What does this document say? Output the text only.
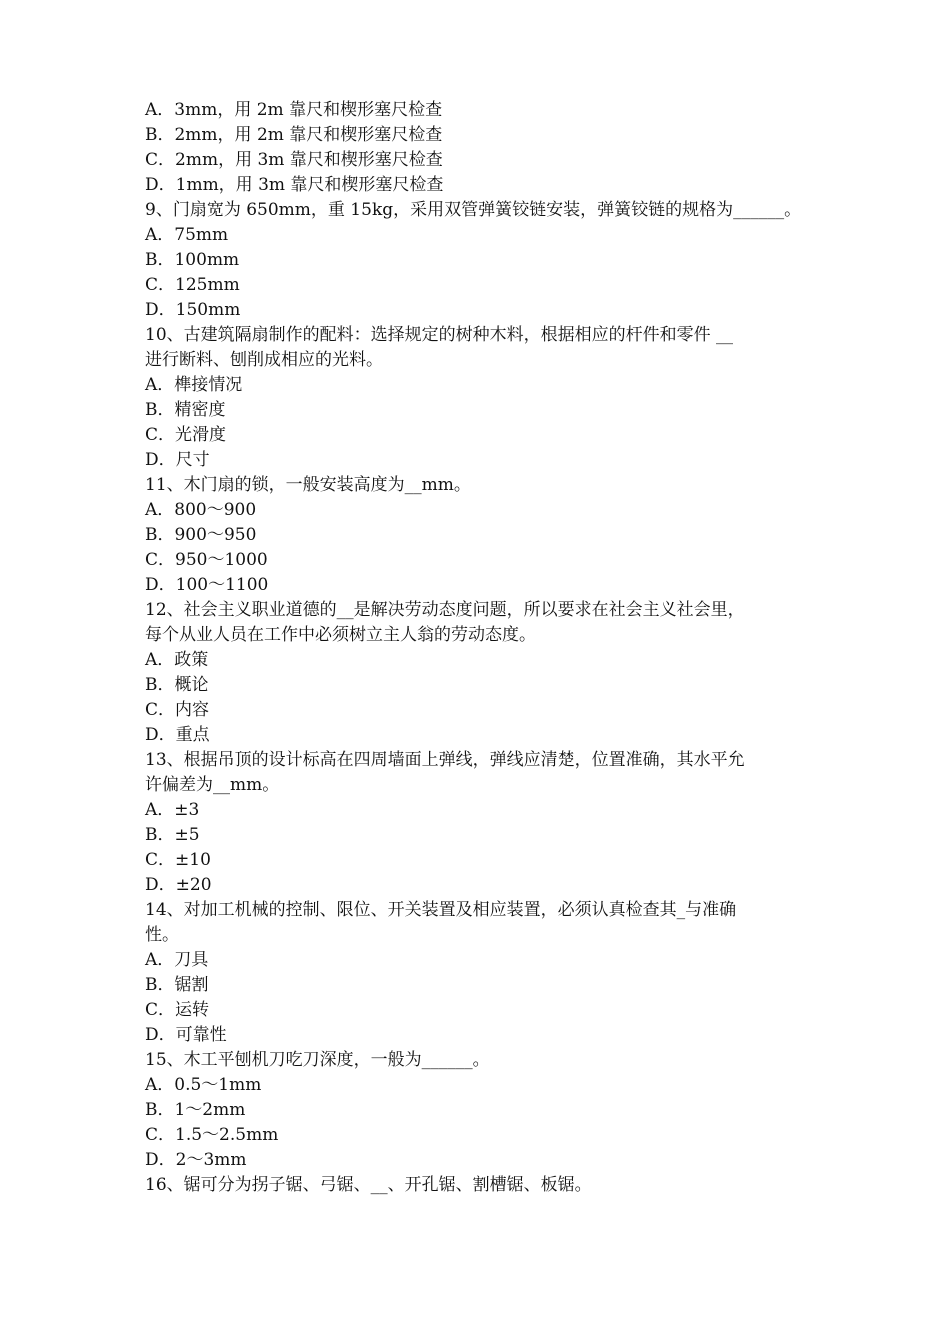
A．3mm，用 2m 靠尺和楔形塞尺检查
B．2mm，用 2m 靠尺和楔形塞尺检查
C．2mm，用 3m 靠尺和楔形塞尺检查
D．1mm，用 3m 靠尺和楔形塞尺检查
9、门扇宽为 650mm，重 15kg，采用双管弹簧铰链安装，弹簧铰链的规格为______。
A．75mm
B．100mm
C．125mm
D．150mm
10、古建筑隔扇制作的配料：选择规定的树种木料，根据相应的杆件和零件 __
进行断料、刨削成相应的光料。
A．榫接情况
B．精密度
C．光滑度
D．尺寸
11、木门扇的锁，一般安装高度为__mm。
A．800～900
B．900～950
C．950～1000
D．100～1100
12、社会主义职业道德的__是解决劳动态度问题，所以要求在社会主义社会里，
每个从业人员在工作中必须树立主人翁的劳动态度。
A．政策
B．概论
C．内容
D．重点
13、根据吊顶的设计标高在四周墙面上弹线，弹线应清楚，位置准确，其水平允
许偏差为__mm。
A．±3
B．±5
C．±10
D．±20
14、对加工机械的控制、限位、开关装置及相应装置，必须认真检查其_与准确
性。
A．刀具
B．锯割
C．运转
D．可靠性
15、木工平刨机刀吃刀深度，一般为______。
A．0.5～1mm
B．1～2mm
C．1.5～2.5mm
D．2～3mm
16、锯可分为拐子锯、弓锯、__、开孔锯、割槽锯、板锯。
